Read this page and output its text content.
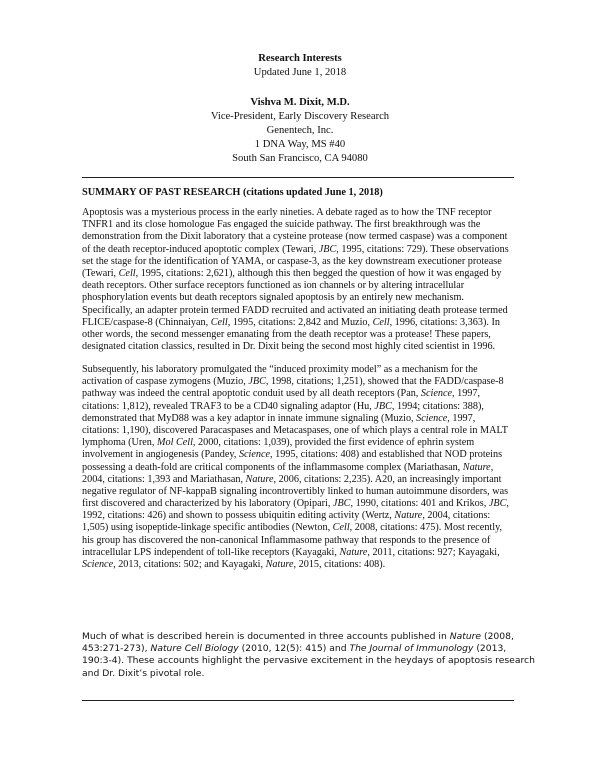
Research Interests
Updated June 1, 2018
Vishva M. Dixit, M.D.
Vice-President, Early Discovery Research
Genentech, Inc.
1 DNA Way, MS #40
South San Francisco, CA 94080
SUMMARY OF PAST RESEARCH (citations updated June 1, 2018)
Apoptosis was a mysterious process in the early nineties. A debate raged as to how the TNF receptor
TNFR1 and its close homologue Fas engaged the suicide pathway. The first breakthrough was the
demonstration from the Dixit laboratory that a cysteine protease (now termed caspase) was a component
of the death receptor-induced apoptotic complex (Tewari, JBC, 1995, citations: 729). These observations
set the stage for the identification of YAMA, or caspase-3, as the key downstream executioner protease
(Tewari, Cell, 1995, citations: 2,621), although this then begged the question of how it was engaged by
death receptors. Other surface receptors functioned as ion channels or by altering intracellular
phosphorylation events but death receptors signaled apoptosis by an entirely new mechanism.
Specifically, an adapter protein termed FADD recruited and activated an initiating death protease termed
FLICE/caspase-8 (Chinnaiyan, Cell, 1995, citations: 2,842 and Muzio, Cell, 1996, citations: 3,363). In
other words, the second messenger emanating from the death receptor was a protease! These papers,
designated citation classics, resulted in Dr. Dixit being the second most highly cited scientist in 1996.
Subsequently, his laboratory promulgated the “induced proximity model” as a mechanism for the
activation of caspase zymogens (Muzio, JBC, 1998, citations; 1,251), showed that the FADD/caspase-8
pathway was indeed the central apoptotic conduit used by all death receptors (Pan, Science, 1997,
citations: 1,812), revealed TRAF3 to be a CD40 signaling adaptor (Hu, JBC, 1994; citations: 388),
demonstrated that MyD88 was a key adaptor in innate immune signaling (Muzio, Science, 1997,
citations: 1,190), discovered Paracaspases and Metacaspases, one of which plays a central role in MALT
lymphoma (Uren, Mol Cell, 2000, citations: 1,039), provided the first evidence of ephrin system
involvement in angiogenesis (Pandey, Science, 1995, citations: 408) and established that NOD proteins
possessing a death-fold are critical components of the inflammasome complex (Mariathasan, Nature,
2004, citations: 1,393 and Mariathasan, Nature, 2006, citations: 2,235). A20, an increasingly important
negative regulator of NF-kappaB signaling incontrovertibly linked to human autoimmune disorders, was
first discovered and characterized by his laboratory (Opipari, JBC, 1990, citations: 401 and Krikos, JBC,
1992, citations: 426) and shown to possess ubiquitin editing activity (Wertz, Nature, 2004, citations:
1,505) using isopeptide-linkage specific antibodies (Newton, Cell, 2008, citations: 475). Most recently,
his group has discovered the non-canonical Inflammasome pathway that responds to the presence of
intracellular LPS independent of toll-like receptors (Kayagaki, Nature, 2011, citations: 927; Kayagaki,
Science, 2013, citations: 502; and Kayagaki, Nature, 2015, citations: 408).
Much of what is described herein is documented in three accounts published in Nature (2008,
453:271-273), Nature Cell Biology (2010, 12(5): 415) and The Journal of Immunology (2013,
190:3-4). These accounts highlight the pervasive excitement in the heydays of apoptosis research
and Dr. Dixit’s pivotal role.
